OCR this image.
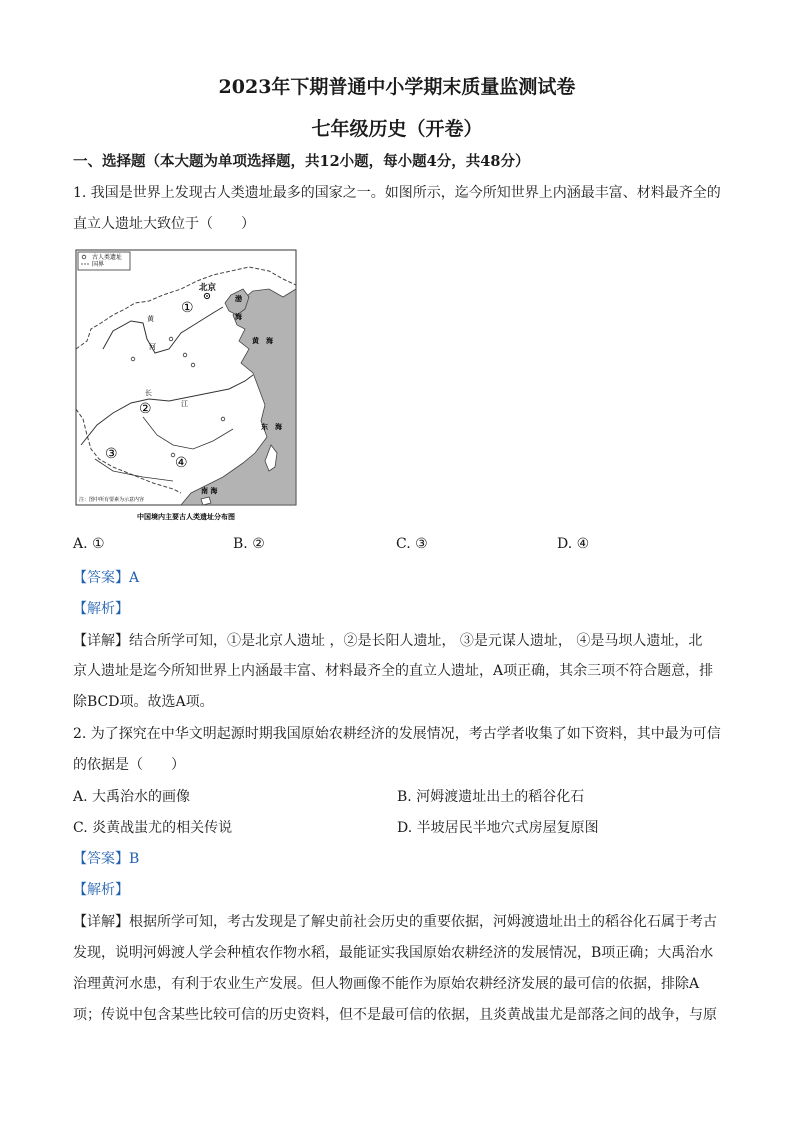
2023年下期普通中小学期末质量监测试卷
七年级历史（开卷）
一、选择题（本大题为单项选择题，共12小题，每小题4分，共48分）
1. 我国是世界上发现古人类遗址最多的国家之一。如图所示，迄今所知世界上内涵最丰富、材料最齐全的
直立人遗址大致位于（　　）
古人类遗址
国界
北京
渤
海
黄 海
东 海
南 海
黄
河
长
江
①
②
③
④
注：图中所有要素为示意内容
中国境内主要古人类遗址分布图
A. ①	B. ②	C. ③	D. ④
【答案】A
【解析】
【详解】结合所学可知，①是北京人遗址 ，②是长阳人遗址， ③是元谋人遗址， ④是马坝人遗址，北
京人遗址是迄今所知世界上内涵最丰富、材料最齐全的直立人遗址，A项正确，其余三项不符合题意，排
除BCD项。故选A项。
2. 为了探究在中华文明起源时期我国原始农耕经济的发展情况，考古学者收集了如下资料，其中最为可信
的依据是（　　）
A. 大禹治水的画像	B. 河姆渡遗址出土的稻谷化石
C. 炎黄战蚩尤的相关传说	D. 半坡居民半地穴式房屋复原图
【答案】B
【解析】
【详解】根据所学可知，考古发现是了解史前社会历史的重要依据，河姆渡遗址出土的稻谷化石属于考古
发现，说明河姆渡人学会种植农作物水稻，最能证实我国原始农耕经济的发展情况，B项正确；大禹治水
治理黄河水患，有利于农业生产发展。但人物画像不能作为原始农耕经济发展的最可信的依据，排除A
项；传说中包含某些比较可信的历史资料，但不是最可信的依据，且炎黄战蚩尤是部落之间的战争，与原
